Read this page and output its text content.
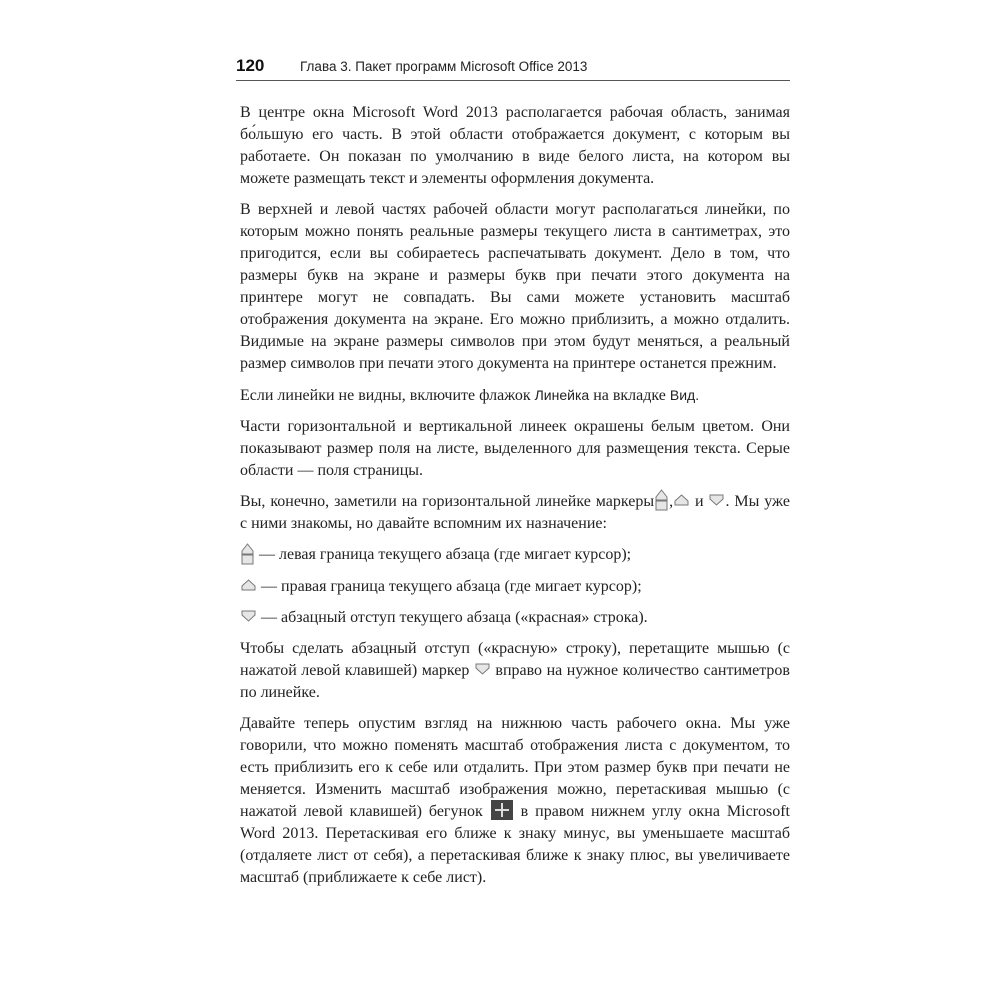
120	Глава 3. Пакет программ Microsoft Office 2013

В центре окна Microsoft Word 2013 располагается рабочая область, занимая бо́льшую его часть. В этой области отображается документ, с которым вы работаете. Он показан по умолчанию в виде белого листа, на котором вы можете размещать текст и элементы оформления документа.

В верхней и левой частях рабочей области могут располагаться линейки, по которым можно понять реальные размеры текущего листа в сантиметрах, это пригодится, если вы собираетесь распечатывать документ. Дело в том, что размеры букв на экране и размеры букв при печати этого документа на принтере могут не совпадать. Вы сами можете установить масштаб отображения документа на экране. Его можно приблизить, а можно отдалить. Видимые на экране размеры символов при этом будут меняться, а реальный размер символов при печати этого документа на принтере останется прежним.

Если линейки не видны, включите флажок Линейка на вкладке Вид.

Части горизонтальной и вертикальной линеек окрашены белым цветом. Они показывают размер поля на листе, выделенного для размещения текста. Серые области — поля страницы.

Вы, конечно, заметили на горизонтальной линейке маркеры , и . Мы уже с ними знакомы, но давайте вспомним их назначение:

— левая граница текущего абзаца (где мигает курсор);

— правая граница текущего абзаца (где мигает курсор);

— абзацный отступ текущего абзаца («красная» строка).

Чтобы сделать абзацный отступ («красную» строку), перетащите мышью (с нажатой левой клавишей) маркер  вправо на нужное количество сантиметров по линейке.

Давайте теперь опустим взгляд на нижнюю часть рабочего окна. Мы уже говорили, что можно поменять масштаб отображения листа с документом, то есть приблизить его к себе или отдалить. При этом размер букв при печати не меняется. Изменить масштаб изображения можно, перетаскивая мышью (с нажатой левой клавишей) бегунок  в правом нижнем углу окна Microsoft Word 2013. Перетаскивая его ближе к знаку минус, вы уменьшаете масштаб (отдаляете лист от себя), а перетаскивая ближе к знаку плюс, вы увеличиваете масштаб (приближаете к себе лист).
